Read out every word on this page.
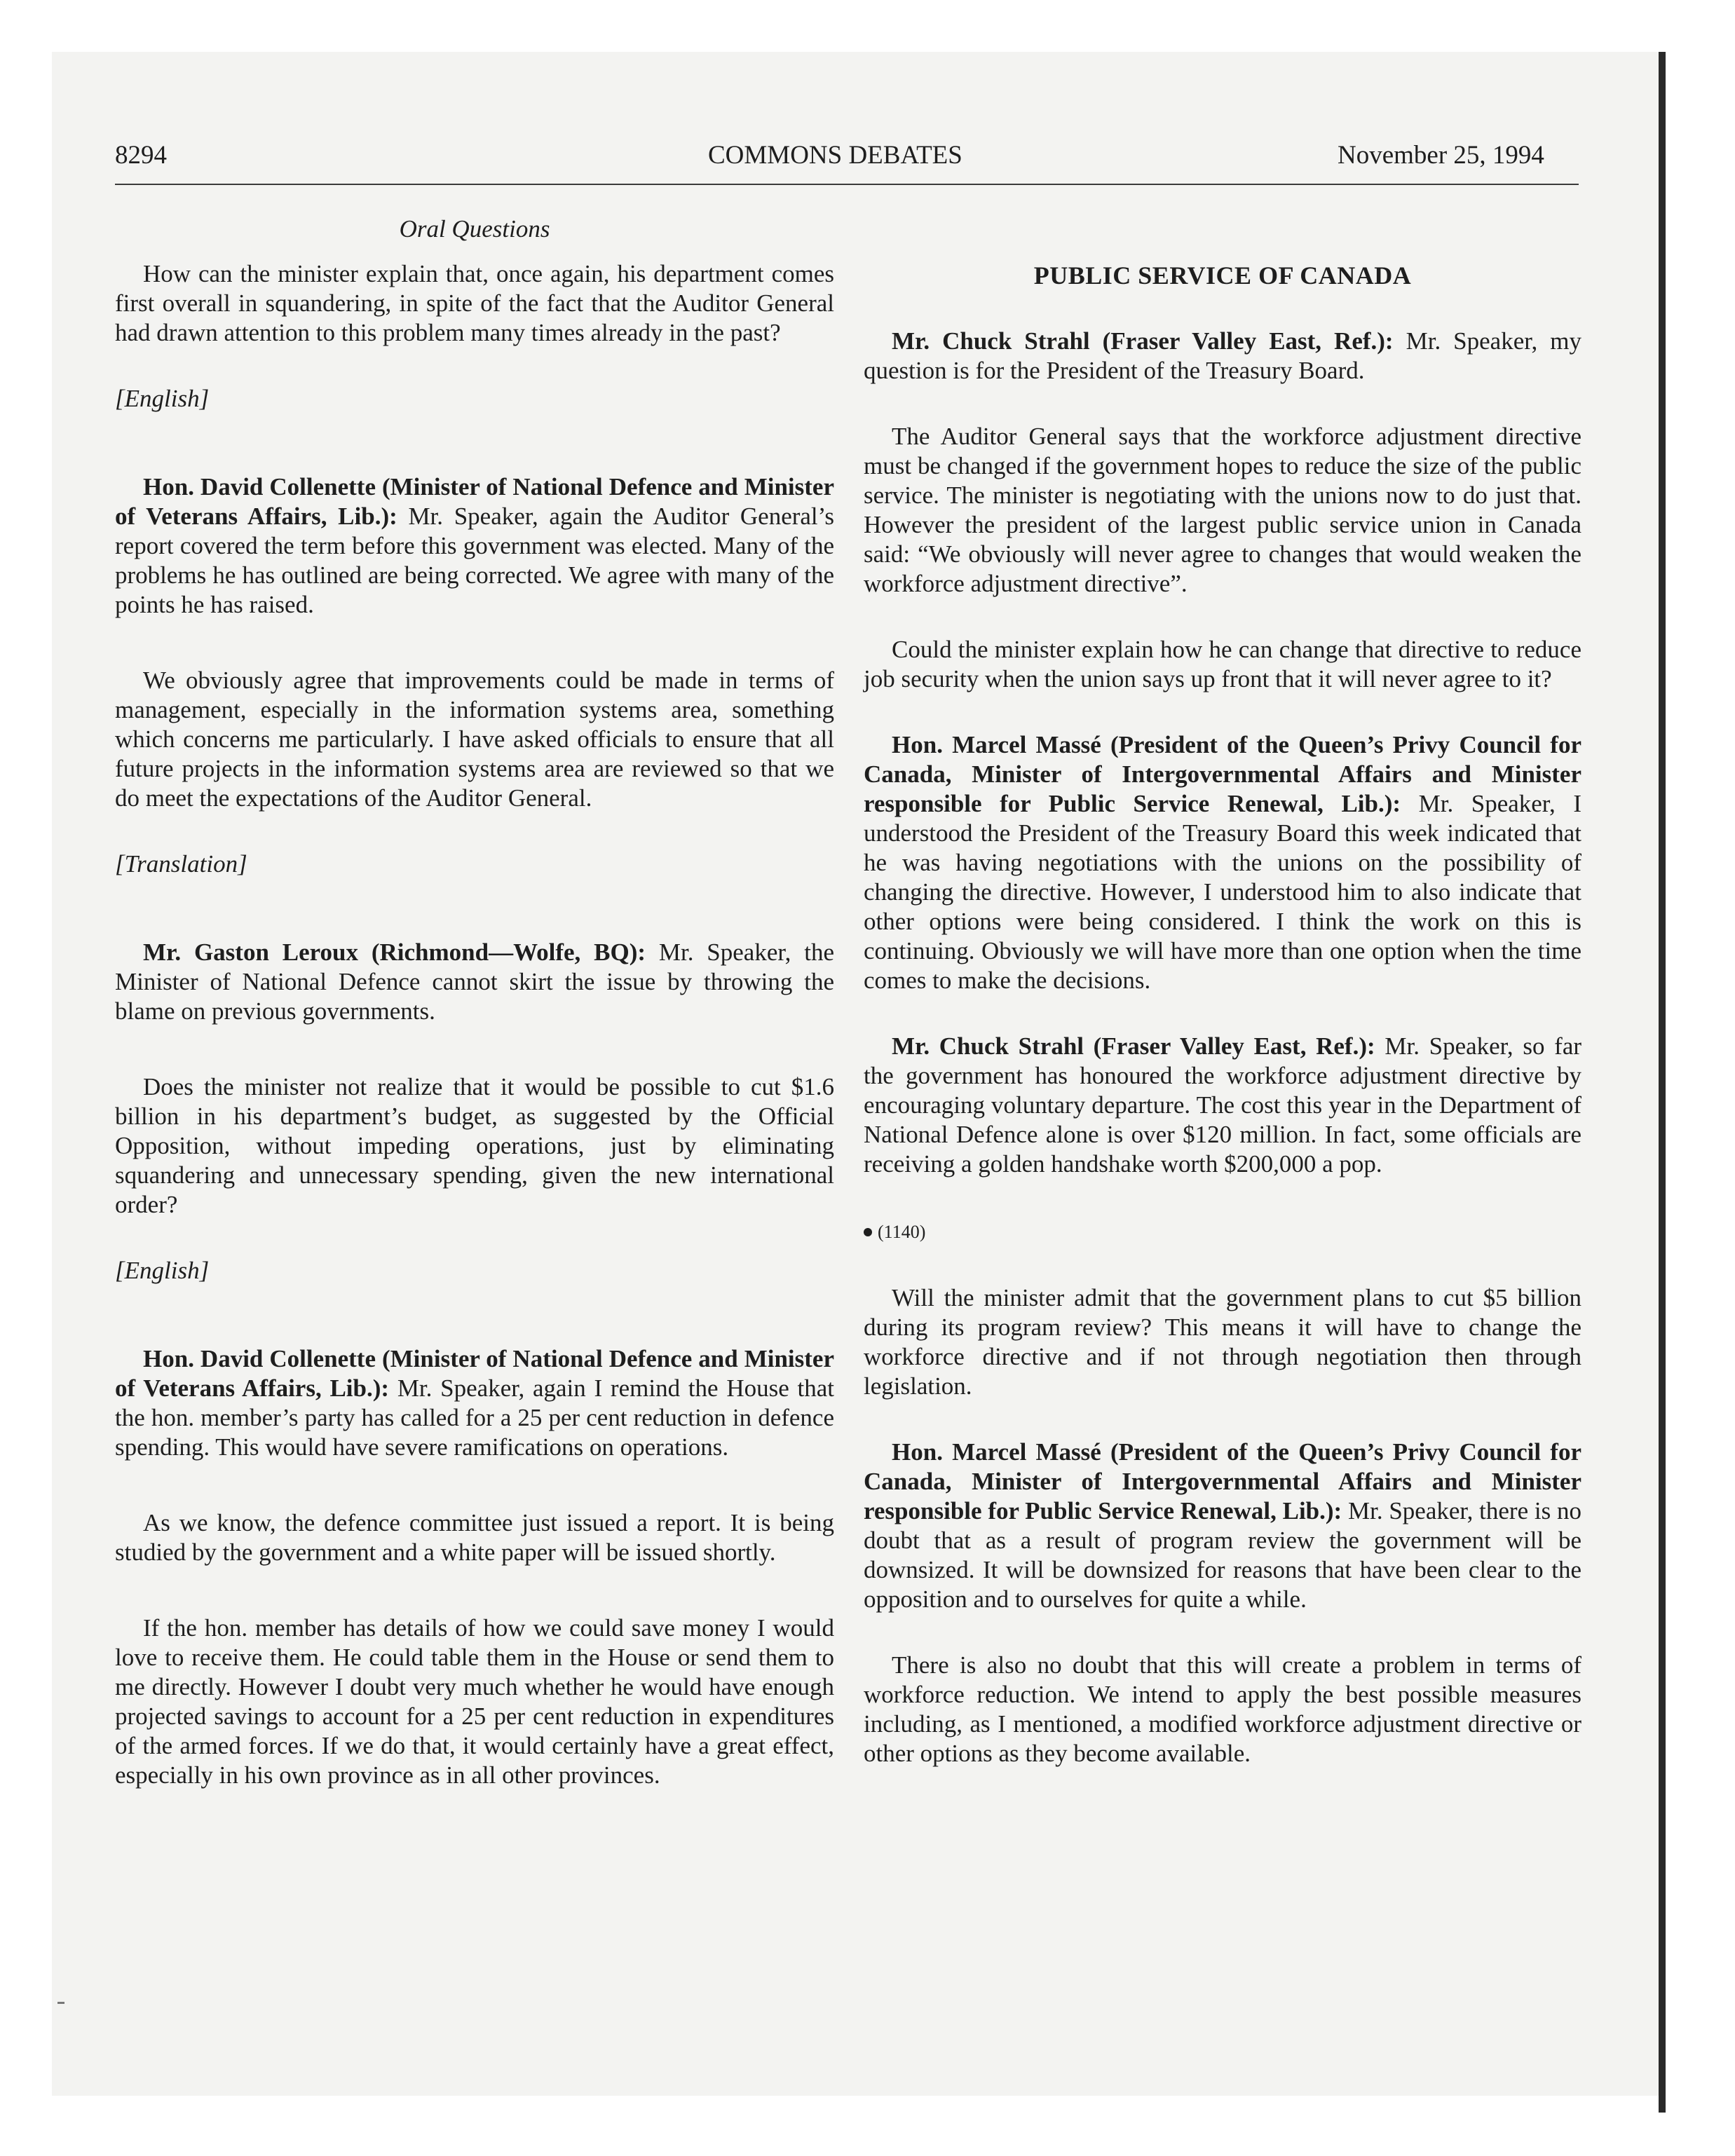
8294	COMMONS DEBATES	November 25, 1994

Oral Questions

How can the minister explain that, once again, his department comes first overall in squandering, in spite of the fact that the Auditor General had drawn attention to this problem many times already in the past?

[English]

Hon. David Collenette (Minister of National Defence and Minister of Veterans Affairs, Lib.): Mr. Speaker, again the Auditor General’s report covered the term before this government was elected. Many of the problems he has outlined are being corrected. We agree with many of the points he has raised.

We obviously agree that improvements could be made in terms of management, especially in the information systems area, something which concerns me particularly. I have asked officials to ensure that all future projects in the information systems area are reviewed so that we do meet the expectations of the Auditor General.

[Translation]

Mr. Gaston Leroux (Richmond—Wolfe, BQ): Mr. Speaker, the Minister of National Defence cannot skirt the issue by throwing the blame on previous governments.

Does the minister not realize that it would be possible to cut $1.6 billion in his department’s budget, as suggested by the Official Opposition, without impeding operations, just by eliminating squandering and unnecessary spending, given the new international order?

[English]

Hon. David Collenette (Minister of National Defence and Minister of Veterans Affairs, Lib.): Mr. Speaker, again I remind the House that the hon. member’s party has called for a 25 per cent reduction in defence spending. This would have severe ramifications on operations.

As we know, the defence committee just issued a report. It is being studied by the government and a white paper will be issued shortly.

If the hon. member has details of how we could save money I would love to receive them. He could table them in the House or send them to me directly. However I doubt very much whether he would have enough projected savings to account for a 25 per cent reduction in expenditures of the armed forces. If we do that, it would certainly have a great effect, especially in his own province as in all other provinces.

PUBLIC SERVICE OF CANADA

Mr. Chuck Strahl (Fraser Valley East, Ref.): Mr. Speaker, my question is for the President of the Treasury Board.

The Auditor General says that the workforce adjustment directive must be changed if the government hopes to reduce the size of the public service. The minister is negotiating with the unions now to do just that. However the president of the largest public service union in Canada said: “We obviously will never agree to changes that would weaken the workforce adjustment directive”.

Could the minister explain how he can change that directive to reduce job security when the union says up front that it will never agree to it?

Hon. Marcel Massé (President of the Queen’s Privy Council for Canada, Minister of Intergovernmental Affairs and Minister responsible for Public Service Renewal, Lib.): Mr. Speaker, I understood the President of the Treasury Board this week indicated that he was having negotiations with the unions on the possibility of changing the directive. However, I understood him to also indicate that other options were being considered. I think the work on this is continuing. Obviously we will have more than one option when the time comes to make the decisions.

Mr. Chuck Strahl (Fraser Valley East, Ref.): Mr. Speaker, so far the government has honoured the workforce adjustment directive by encouraging voluntary departure. The cost this year in the Department of National Defence alone is over $120 million. In fact, some officials are receiving a golden handshake worth $200,000 a pop.

(1140)

Will the minister admit that the government plans to cut $5 billion during its program review? This means it will have to change the workforce directive and if not through negotiation then through legislation.

Hon. Marcel Massé (President of the Queen’s Privy Council for Canada, Minister of Intergovernmental Affairs and Minister responsible for Public Service Renewal, Lib.): Mr. Speaker, there is no doubt that as a result of program review the government will be downsized. It will be downsized for reasons that have been clear to the opposition and to ourselves for quite a while.

There is also no doubt that this will create a problem in terms of workforce reduction. We intend to apply the best possible measures including, as I mentioned, a modified workforce adjustment directive or other options as they become available.
